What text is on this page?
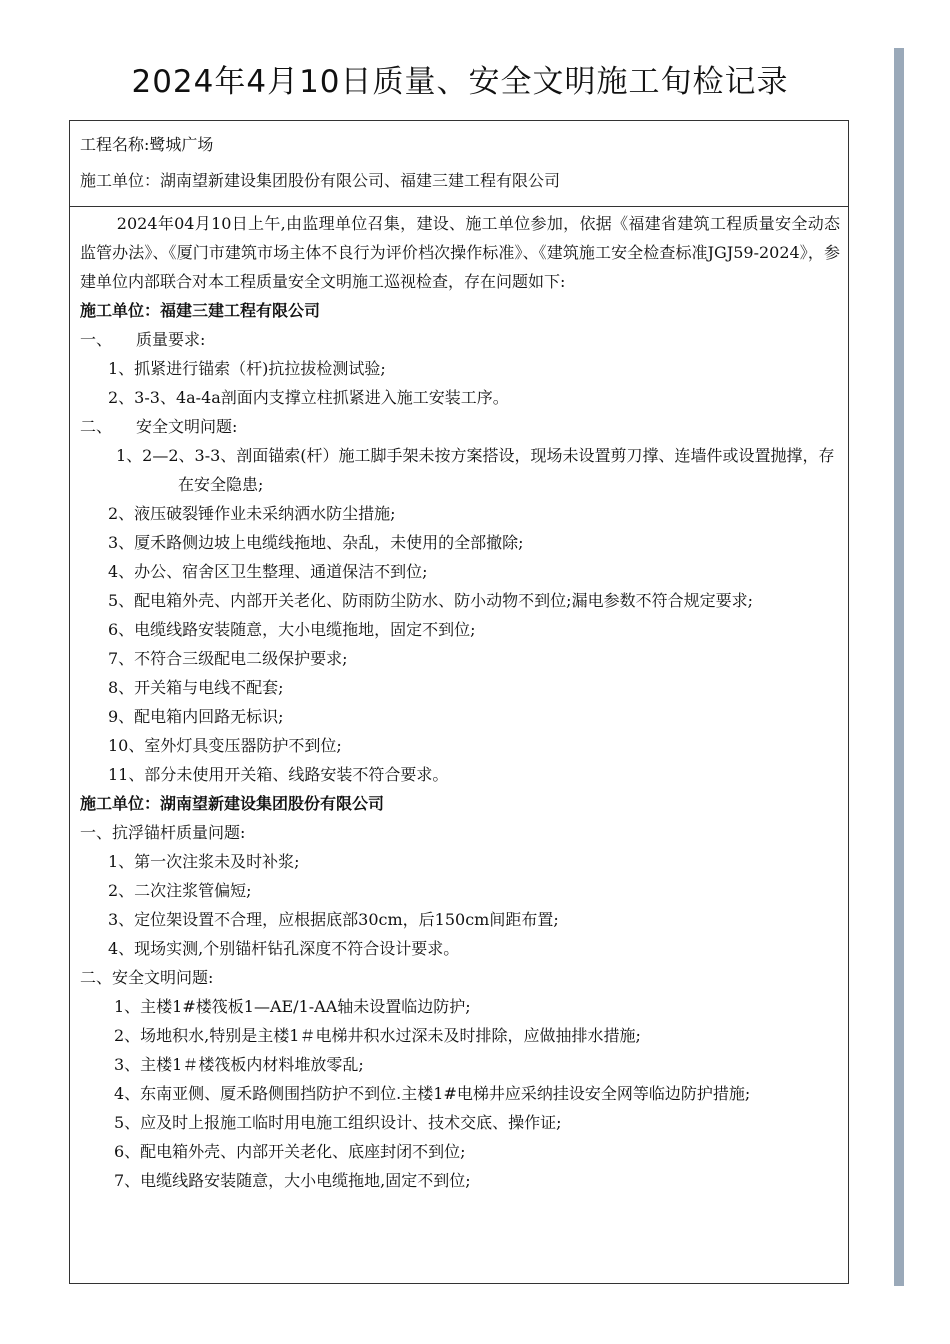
2024年4月10日质量、安全文明施工旬检记录
工程名称:鹭城广场
施工单位：湖南望新建设集团股份有限公司、福建三建工程有限公司

2024年04月10日上午,由监理单位召集，建设、施工单位参加，依据《福建省建筑工程质量安全动态监管办法》、《厦门市建筑市场主体不良行为评价档次操作标准》、《建筑施工安全检查标准JGJ59-2024》，参建单位内部联合对本工程质量安全文明施工巡视检查，存在问题如下:

施工单位：福建三建工程有限公司

一、 质量要求:

1、抓紧进行锚索（杆)抗拉拔检测试验;

2、3-3、4a-4a剖面内支撑立柱抓紧进入施工安装工序。

二、 安全文明问题:

1、2—2、3-3、剖面锚索(杆）施工脚手架未按方案搭设，现场未设置剪刀撑、连墙件或设置抛撑，存在安全隐患;

2、液压破裂锤作业未采纳洒水防尘措施;

3、厦禾路侧边坡上电缆线拖地、杂乱，未使用的全部撤除;

4、办公、宿舍区卫生整理、通道保洁不到位;

5、配电箱外壳、内部开关老化、防雨防尘防水、防小动物不到位;漏电参数不符合规定要求;

6、电缆线路安装随意，大小电缆拖地，固定不到位;

7、不符合三级配电二级保护要求;

8、开关箱与电线不配套;

9、配电箱内回路无标识;

10、室外灯具变压器防护不到位;

11、部分未使用开关箱、线路安装不符合要求。

施工单位：湖南望新建设集团股份有限公司

一、抗浮锚杆质量问题:

1、第一次注浆未及时补浆;

2、二次注浆管偏短;

3、定位架设置不合理，应根据底部30cm，后150cm间距布置;

4、现场实测,个别锚杆钻孔深度不符合设计要求。

二、安全文明问题:

1、主楼1#楼筏板1—AE/1-AA轴未设置临边防护;

2、场地积水,特别是主楼1＃电梯井积水过深未及时排除，应做抽排水措施;

3、主楼1＃楼筏板内材料堆放零乱;

4、东南亚侧、厦禾路侧围挡防护不到位.主楼1#电梯井应采纳挂设安全网等临边防护措施;

5、应及时上报施工临时用电施工组织设计、技术交底、操作证;

6、配电箱外壳、内部开关老化、底座封闭不到位;

7、电缆线路安装随意，大小电缆拖地,固定不到位;
